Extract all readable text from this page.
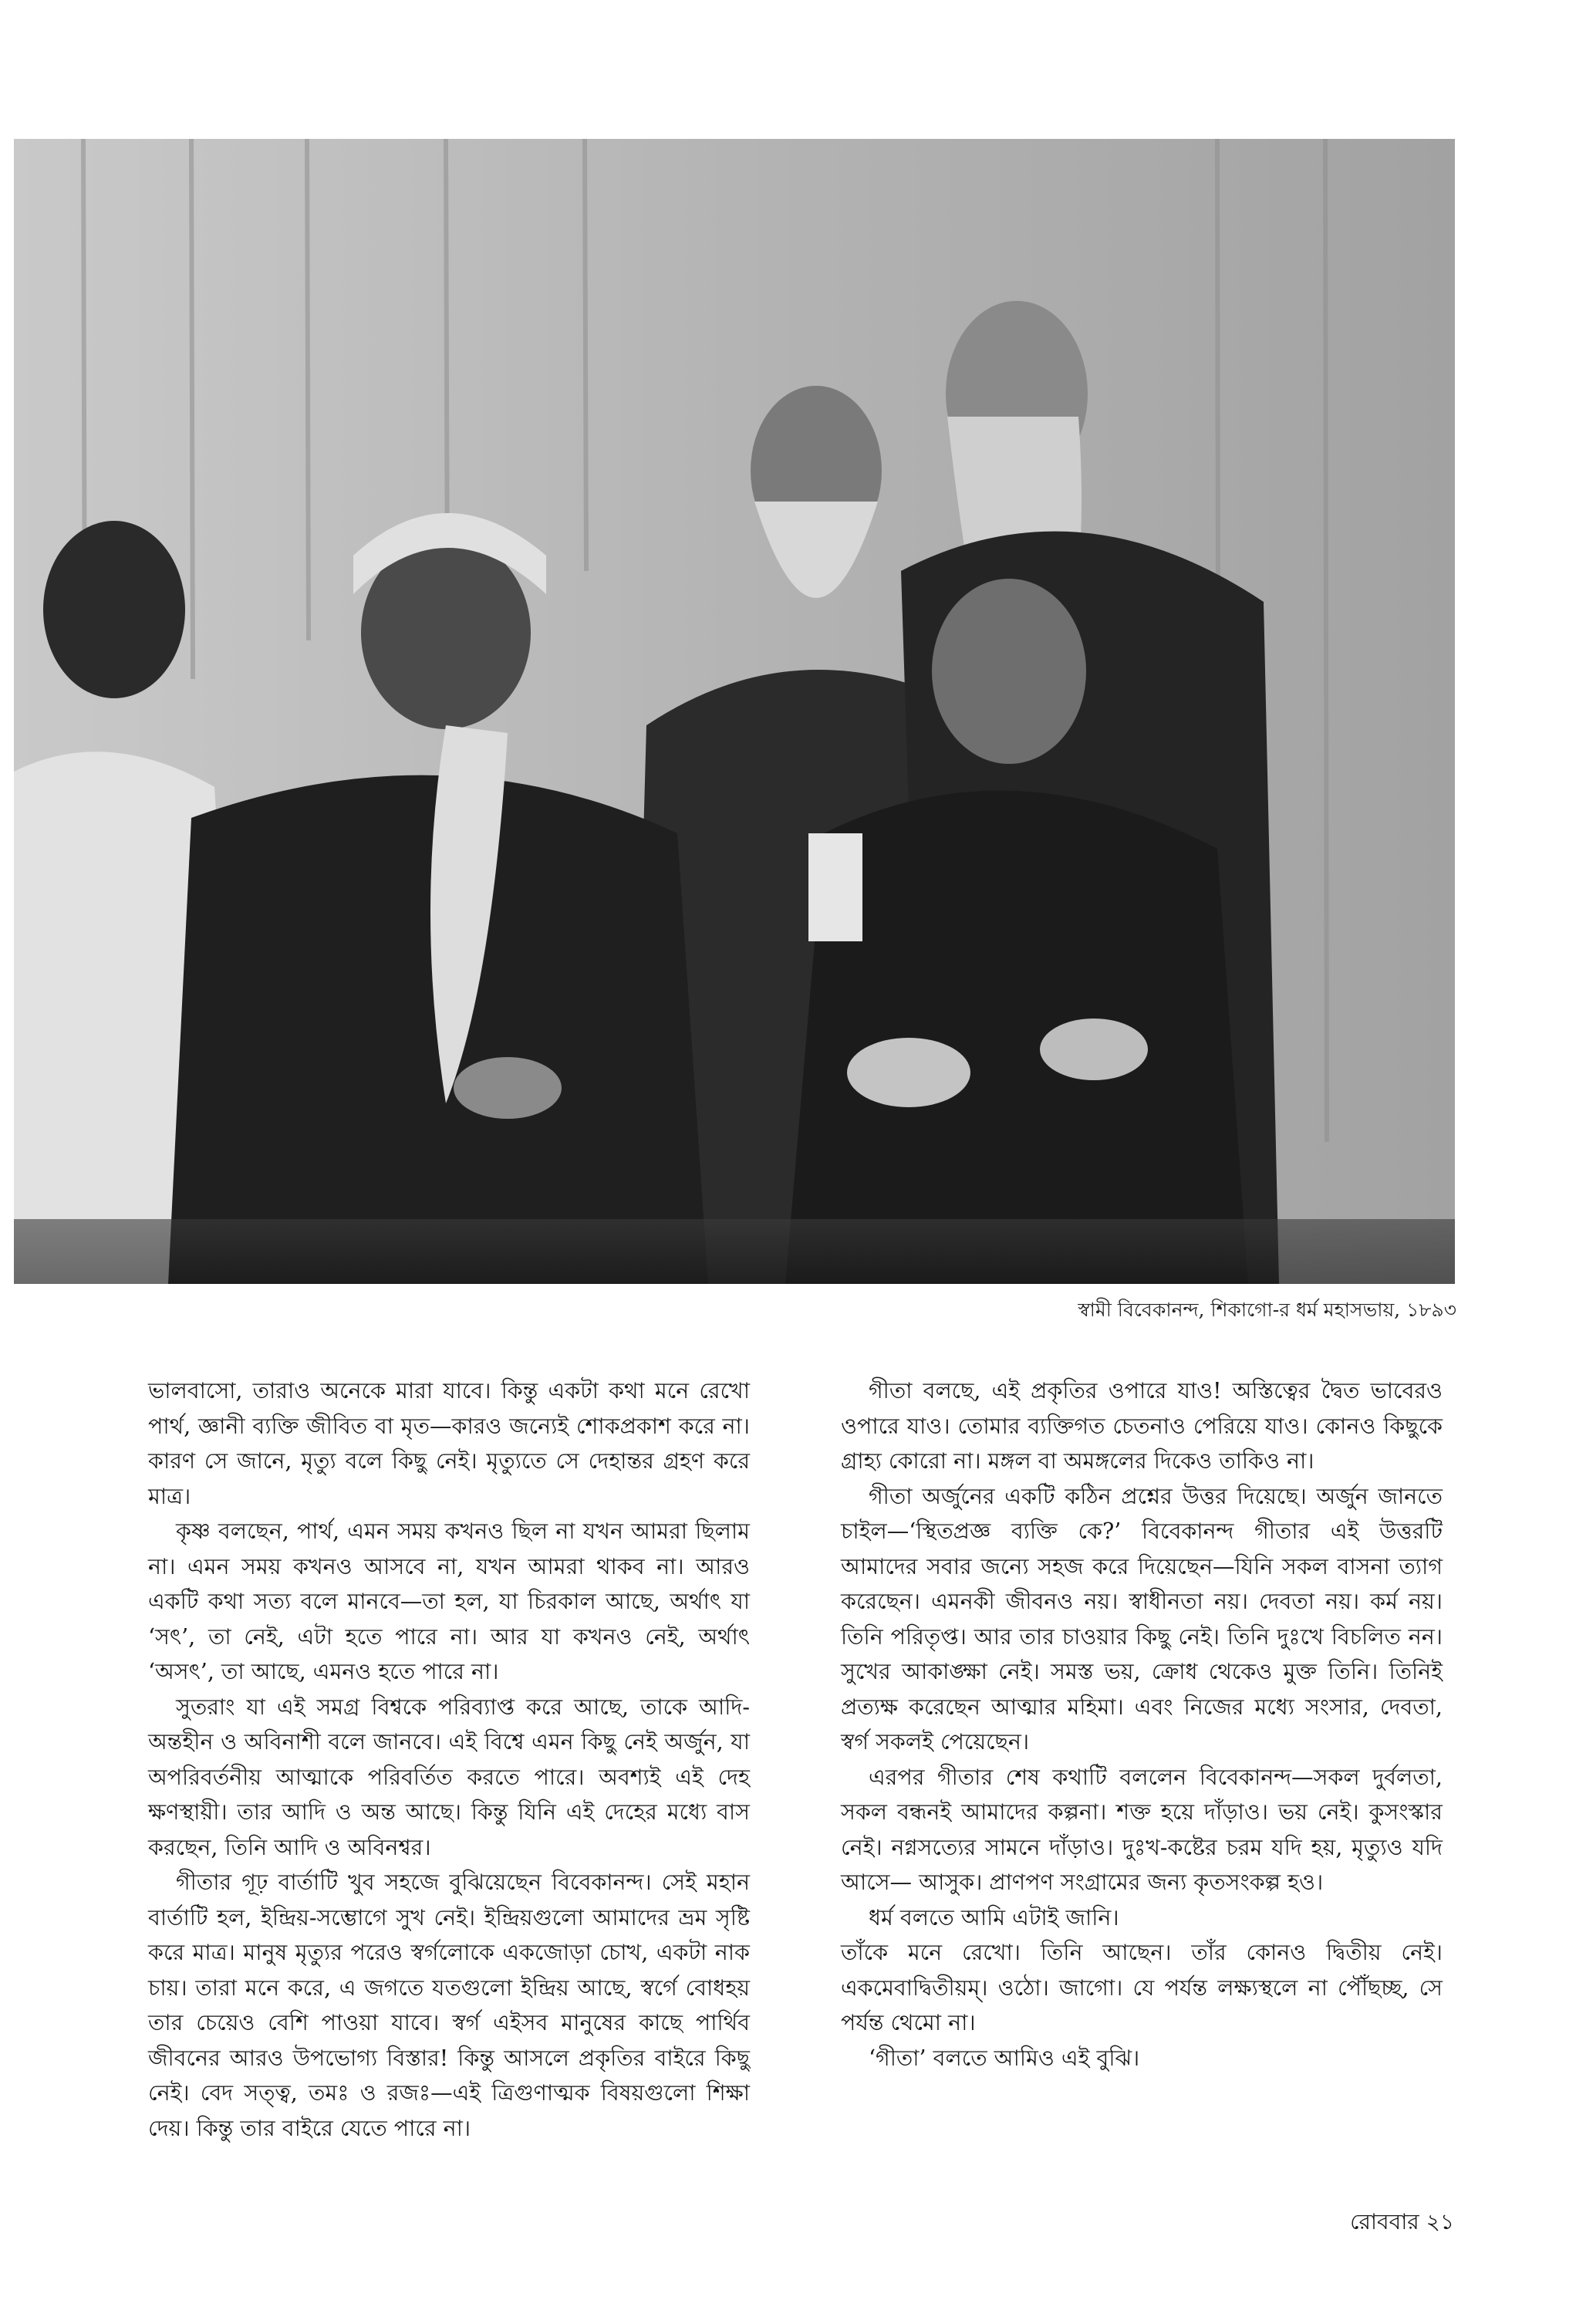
স্বামী বিবেকানন্দ, শিকাগো-র ধর্ম মহাসভায়, ১৮৯৩

ভালবাসো, তারাও অনেকে মারা যাবে। কিন্তু একটা কথা মনে রেখো পার্থ, জ্ঞানী ব্যক্তি জীবিত বা মৃত—কারও জন্যেই শোকপ্রকাশ করে না। কারণ সে জানে, মৃত্যু বলে কিছু নেই। মৃত্যুতে সে দেহান্তর গ্রহণ করে মাত্র।

কৃষ্ণ বলছেন, পার্থ, এমন সময় কখনও ছিল না যখন আমরা ছিলাম না। এমন সময় কখনও আসবে না, যখন আমরা থাকব না। আরও একটি কথা সত্য বলে মানবে—তা হল, যা চিরকাল আছে, অর্থাৎ যা ‘সৎ’, তা নেই, এটা হতে পারে না। আর যা কখনও নেই, অর্থাৎ ‘অসৎ’, তা আছে, এমনও হতে পারে না।

সুতরাং যা এই সমগ্র বিশ্বকে পরিব্যাপ্ত করে আছে, তাকে আদি-অন্তহীন ও অবিনাশী বলে জানবে। এই বিশ্বে এমন কিছু নেই অর্জুন, যা অপরিবর্তনীয় আত্মাকে পরিবর্তিত করতে পারে। অবশ্যই এই দেহ ক্ষণস্থায়ী। তার আদি ও অন্ত আছে। কিন্তু যিনি এই দেহের মধ্যে বাস করছেন, তিনি আদি ও অবিনশ্বর।

গীতার গূঢ় বার্তাটি খুব সহজে বুঝিয়েছেন বিবেকানন্দ। সেই মহান বার্তাটি হল, ইন্দ্রিয়-সম্ভোগে সুখ নেই। ইন্দ্রিয়গুলো আমাদের ভ্রম সৃষ্টি করে মাত্র। মানুষ মৃত্যুর পরেও স্বর্গলোকে একজোড়া চোখ, একটা নাক চায়। তারা মনে করে, এ জগতে যতগুলো ইন্দ্রিয় আছে, স্বর্গে বোধহয় তার চেয়েও বেশি পাওয়া যাবে। স্বর্গ এইসব মানুষের কাছে পার্থিব জীবনের আরও উপভোগ্য বিস্তার! কিন্তু আসলে প্রকৃতির বাইরে কিছু নেই। বেদ সত্ত্ব, তমঃ ও রজঃ—এই ত্রিগুণাত্মক বিষয়গুলো শিক্ষা দেয়। কিন্তু তার বাইরে যেতে পারে না।

গীতা বলছে, এই প্রকৃতির ওপারে যাও! অস্তিত্বের দ্বৈত ভাবেরও ওপারে যাও। তোমার ব্যক্তিগত চেতনাও পেরিয়ে যাও। কোনও কিছুকে গ্রাহ্য কোরো না। মঙ্গল বা অমঙ্গলের দিকেও তাকিও না।

গীতা অর্জুনের একটি কঠিন প্রশ্নের উত্তর দিয়েছে। অর্জুন জানতে চাইল—‘স্থিতপ্রজ্ঞ ব্যক্তি কে?’ বিবেকানন্দ গীতার এই উত্তরটি আমাদের সবার জন্যে সহজ করে দিয়েছেন—যিনি সকল বাসনা ত্যাগ করেছেন। এমনকী জীবনও নয়। স্বাধীনতা নয়। দেবতা নয়। কর্ম নয়। তিনি পরিতৃপ্ত। আর তার চাওয়ার কিছু নেই। তিনি দুঃখে বিচলিত নন। সুখের আকাঙ্ক্ষা নেই। সমস্ত ভয়, ক্রোধ থেকেও মুক্ত তিনি। তিনিই প্রত্যক্ষ করেছেন আত্মার মহিমা। এবং নিজের মধ্যে সংসার, দেবতা, স্বর্গ সকলই পেয়েছেন।

এরপর গীতার শেষ কথাটি বললেন বিবেকানন্দ—সকল দুর্বলতা, সকল বন্ধনই আমাদের কল্পনা। শক্ত হয়ে দাঁড়াও। ভয় নেই। কুসংস্কার নেই। নগ্নসত্যের সামনে দাঁড়াও। দুঃখ-কষ্টের চরম যদি হয়, মৃত্যুও যদি আসে— আসুক। প্রাণপণ সংগ্রামের জন্য কৃতসংকল্প হও।

ধর্ম বলতে আমি এটাই জানি।

তাঁকে মনে রেখো। তিনি আছেন। তাঁর কোনও দ্বিতীয় নেই। একমেবাদ্বিতীয়ম্। ওঠো। জাগো। যে পর্যন্ত লক্ষ্যস্থলে না পৌঁছচ্ছ, সে পর্যন্ত থেমো না।

‘গীতা’ বলতে আমিও এই বুঝি।

রোববার ২১
